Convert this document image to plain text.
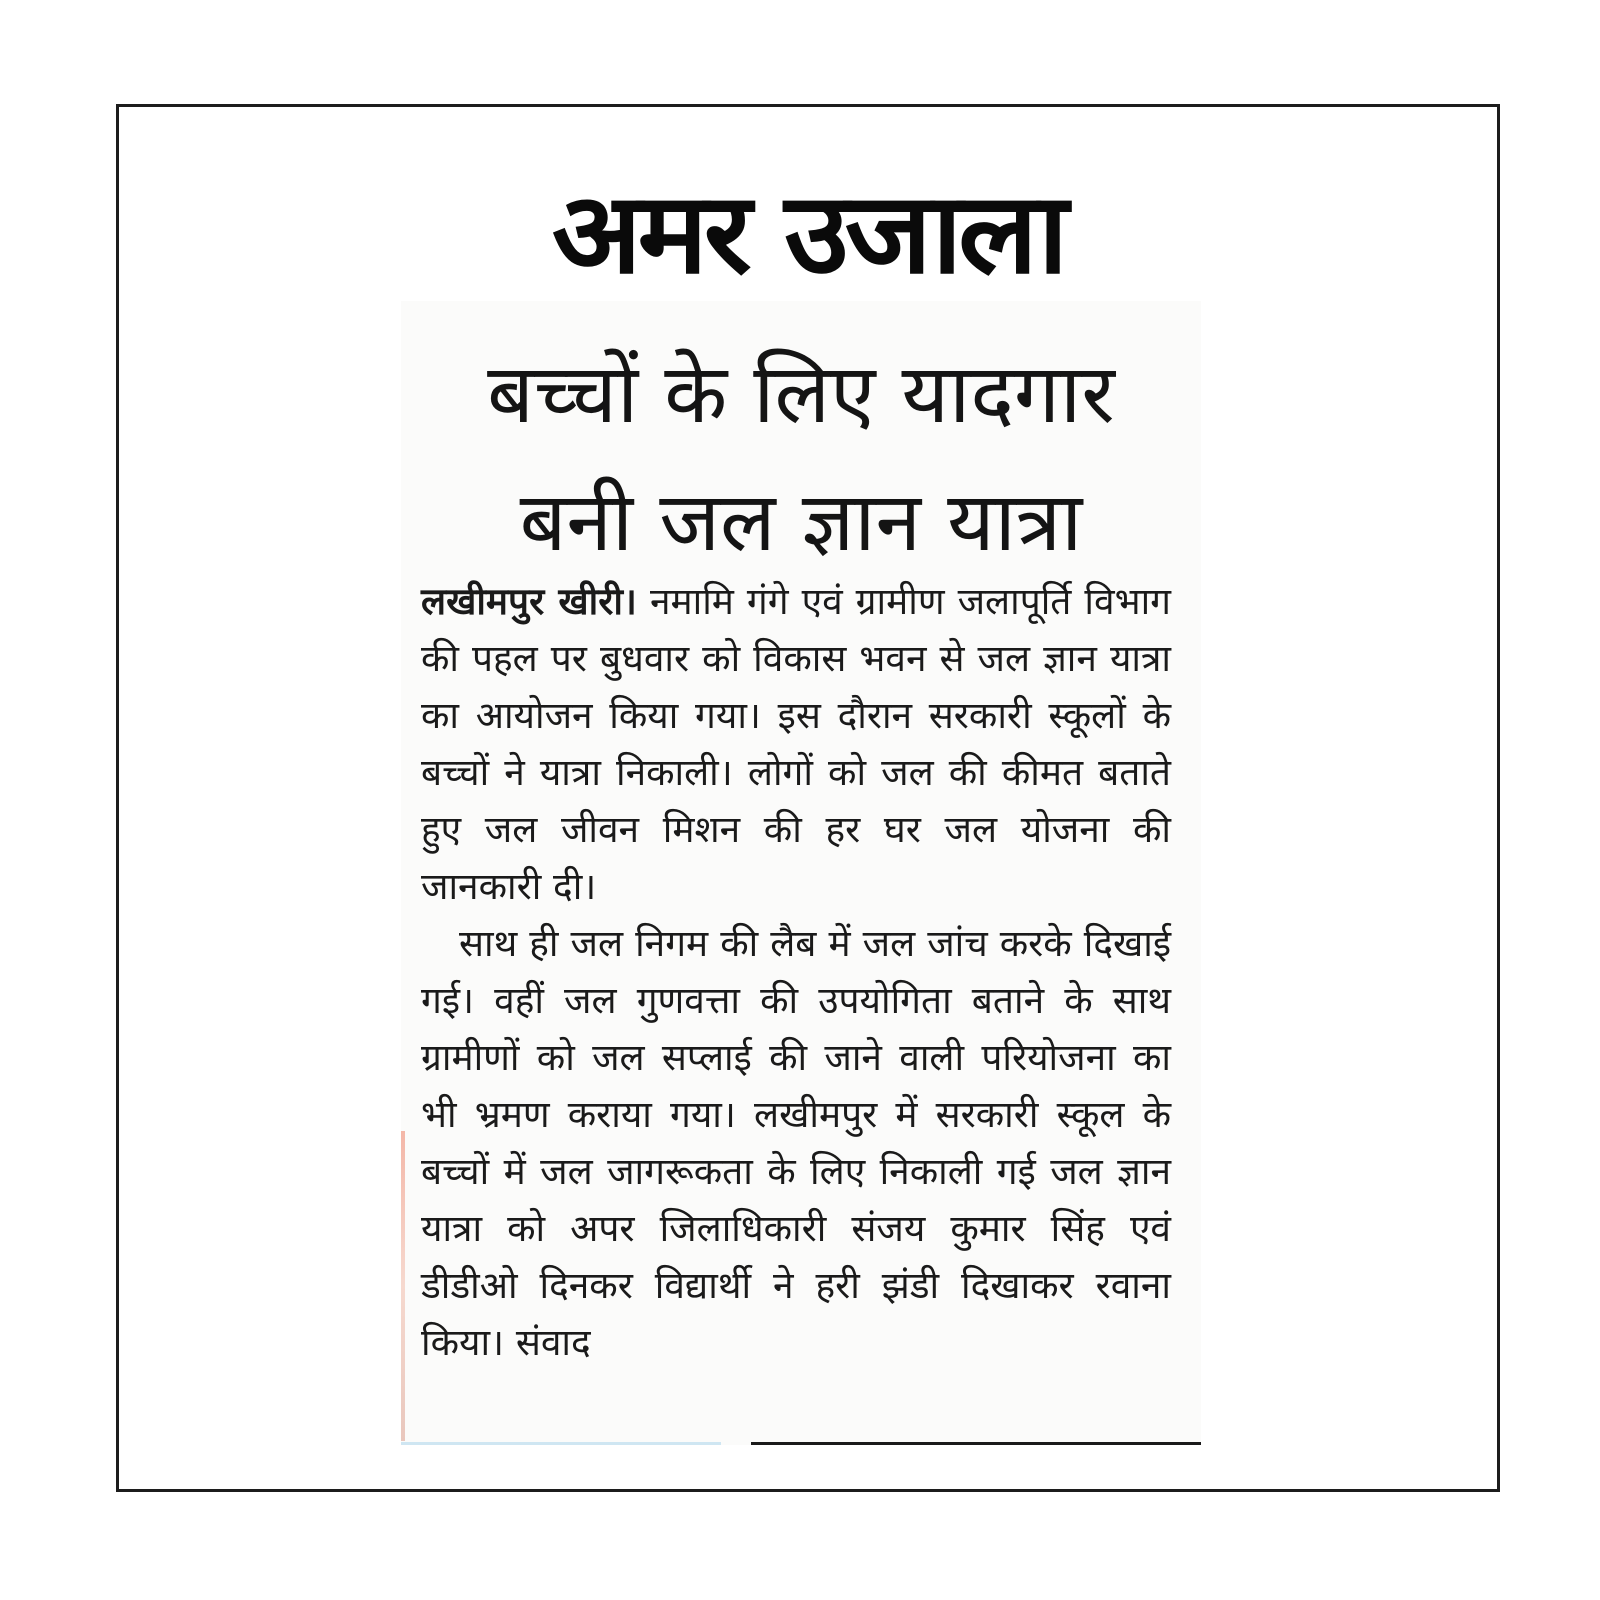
अमर उजाला
बच्चों के लिए यादगार
बनी जल ज्ञान यात्रा

लखीमपुर खीरी। नमामि गंगे एवं ग्रामीण जलापूर्ति विभाग की पहल पर बुधवार को विकास भवन से जल ज्ञान यात्रा का आयोजन किया गया। इस दौरान सरकारी स्कूलों के बच्चों ने यात्रा निकाली। लोगों को जल की कीमत बताते हुए जल जीवन मिशन की हर घर जल योजना की जानकारी दी।

साथ ही जल निगम की लैब में जल जांच करके दिखाई गई। वहीं जल गुणवत्ता की उपयोगिता बताने के साथ ग्रामीणों को जल सप्लाई की जाने वाली परियोजना का भी भ्रमण कराया गया। लखीमपुर में सरकारी स्कूल के बच्चों में जल जागरूकता के लिए निकाली गई जल ज्ञान यात्रा को अपर जिलाधिकारी संजय कुमार सिंह एवं डीडीओ दिनकर विद्यार्थी ने हरी झंडी दिखाकर रवाना किया। संवाद
